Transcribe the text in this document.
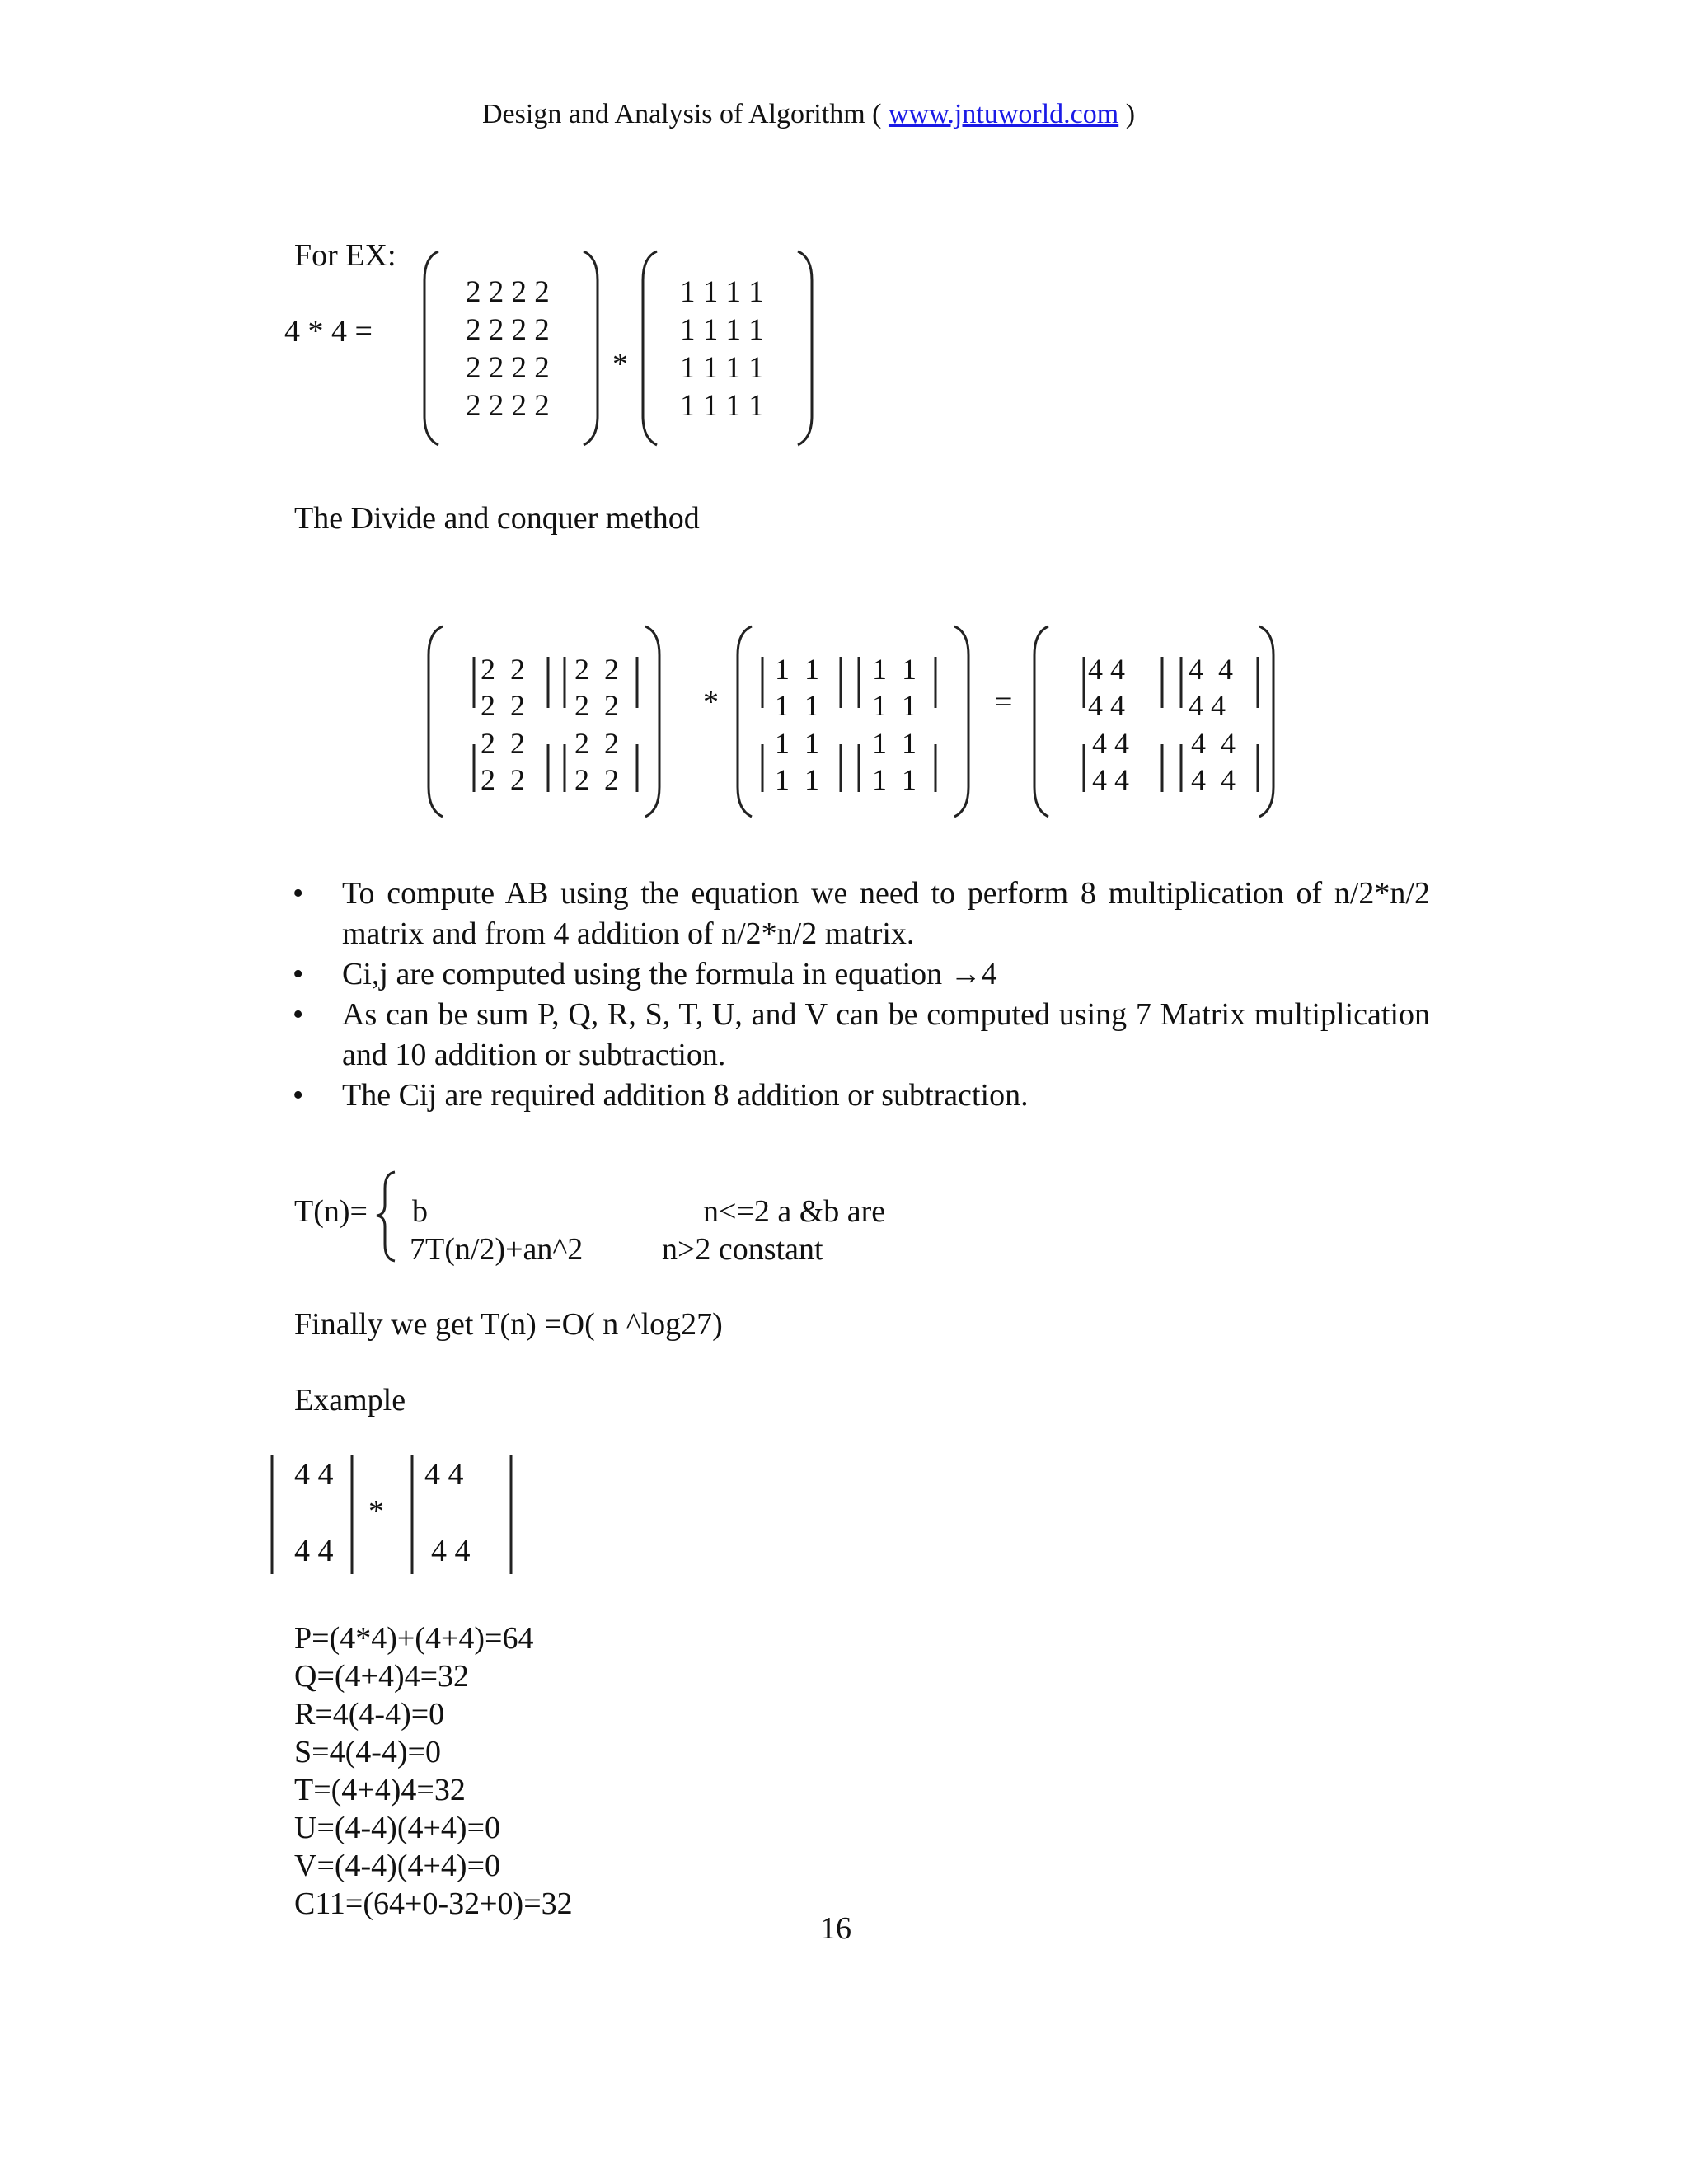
Design and Analysis of Algorithm ( www.jntuworld.com )
For EX:
4 * 4 =
2 2 2 2
2 2 2 2
2 2 2 2
2 2 2 2
*
1 1 1 1
1 1 1 1
1 1 1 1
1 1 1 1
The Divide and conquer method
2 2
2 2
2 2
2 2
2 2
2 2
2 2
2 2
*
1 1
1 1
1 1
1 1
1 1
1 1
1 1
1 1
=
4 4
4 4
4 4
4 4
4 4
4 4
4 4
4 4
• To compute AB using the equation we need to perform 8 multiplication of n/2*n/2 matrix and from 4 addition of n/2*n/2 matrix.
• Ci,j are computed using the formula in equation →4
• As can be sum P, Q, R, S, T, U, and V can be computed using 7 Matrix multiplication and 10 addition or subtraction.
• The Cij are required addition 8 addition or subtraction.
T(n)= b
7T(n/2)+an^2
n<=2 a &b are
n>2 constant
Finally we get T(n) =O( n ^log27)
Example
4 4
4 4
*
4 4
4 4
P=(4*4)+(4+4)=64
Q=(4+4)4=32
R=4(4-4)=0
S=4(4-4)=0
T=(4+4)4=32
U=(4-4)(4+4)=0
V=(4-4)(4+4)=0
C11=(64+0-32+0)=32
16
